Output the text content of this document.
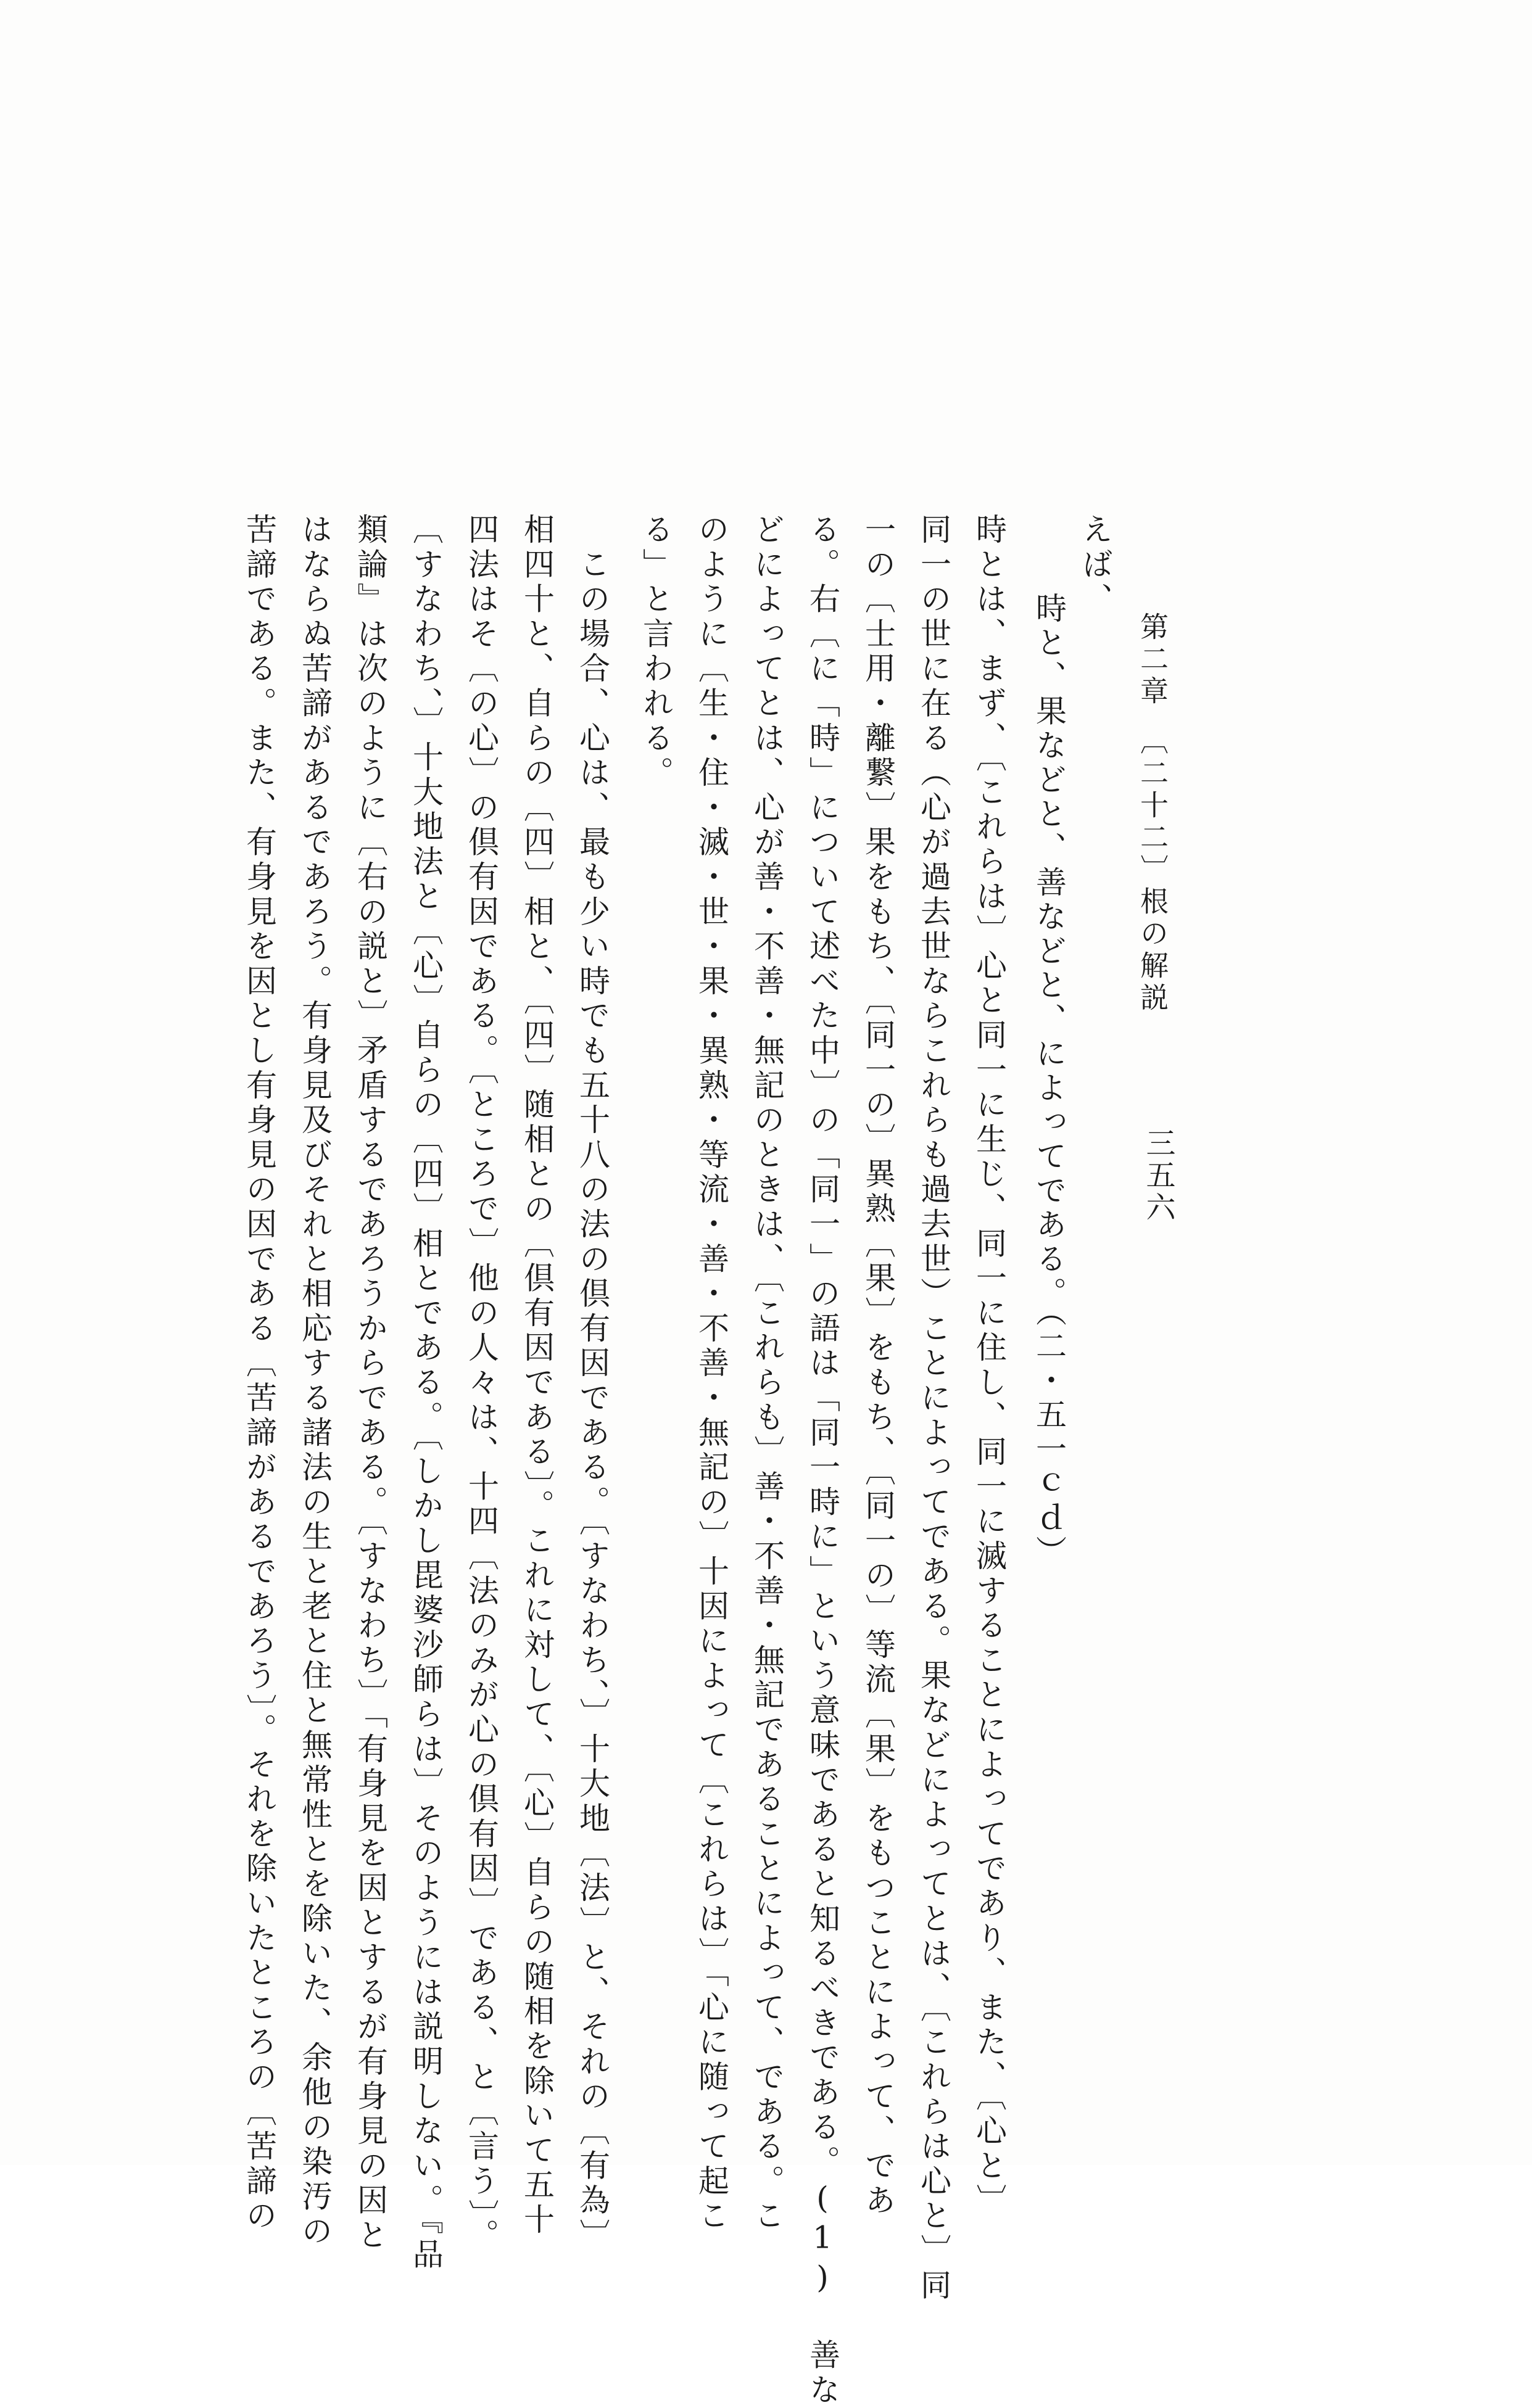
三五六
第二章　〔二十二〕根の解説
えば、
時と、果などと、善などと、によってである。（二・五一ｃｄ）
時とは、まず、〔これらは〕心と同一に生じ、同一に住し、同一に滅することによってであり、また、〔心と〕
同一の世に在る（心が過去世ならこれらも過去世）ことによってである。果などによってとは、〔これらは心と〕同
一の〔士用・離繋〕果をもち、〔同一の〕異熟〔果〕をもち、〔同一の〕等流〔果〕をもつことによって、であ
る。右〔に「時」について述べた中〕の「同一」の語は「同一時に」という意味であると知るべきである。(1) 善な
どによってとは、心が善・不善・無記のときは、〔これらも〕善・不善・無記であることによって、である。こ
のように〔生・住・滅・世・果・異熟・等流・善・不善・無記の〕十因によって〔これらは〕「心に随って起こ
る」と言われる。
　この場合、心は、最も少い時でも五十八の法の倶有因である。〔すなわち、〕十大地〔法〕と、それの〔有為〕
相四十と、自らの〔四〕相と、〔四〕随相との〔倶有因である〕。これに対して、〔心〕自らの随相を除いて五十
四法はそ〔の心〕の倶有因である。〔ところで〕他の人々は、十四〔法のみが心の倶有因〕である、と〔言う〕。
〔すなわち、〕十大地法と〔心〕自らの〔四〕相とである。〔しかし毘婆沙師らは〕そのようには説明しない。『品
類論』は次のように〔右の説と〕矛盾するであろうからである。〔すなわち〕「有身見を因とするが有身見の因と
はならぬ苦諦があるであろう。有身見及びそれと相応する諸法の生と老と住と無常性とを除いた、余他の染汚の
苦諦である。また、有身見を因とし有身見の因である〔苦諦があるであろう〕。それを除いたところの〔苦諦の
